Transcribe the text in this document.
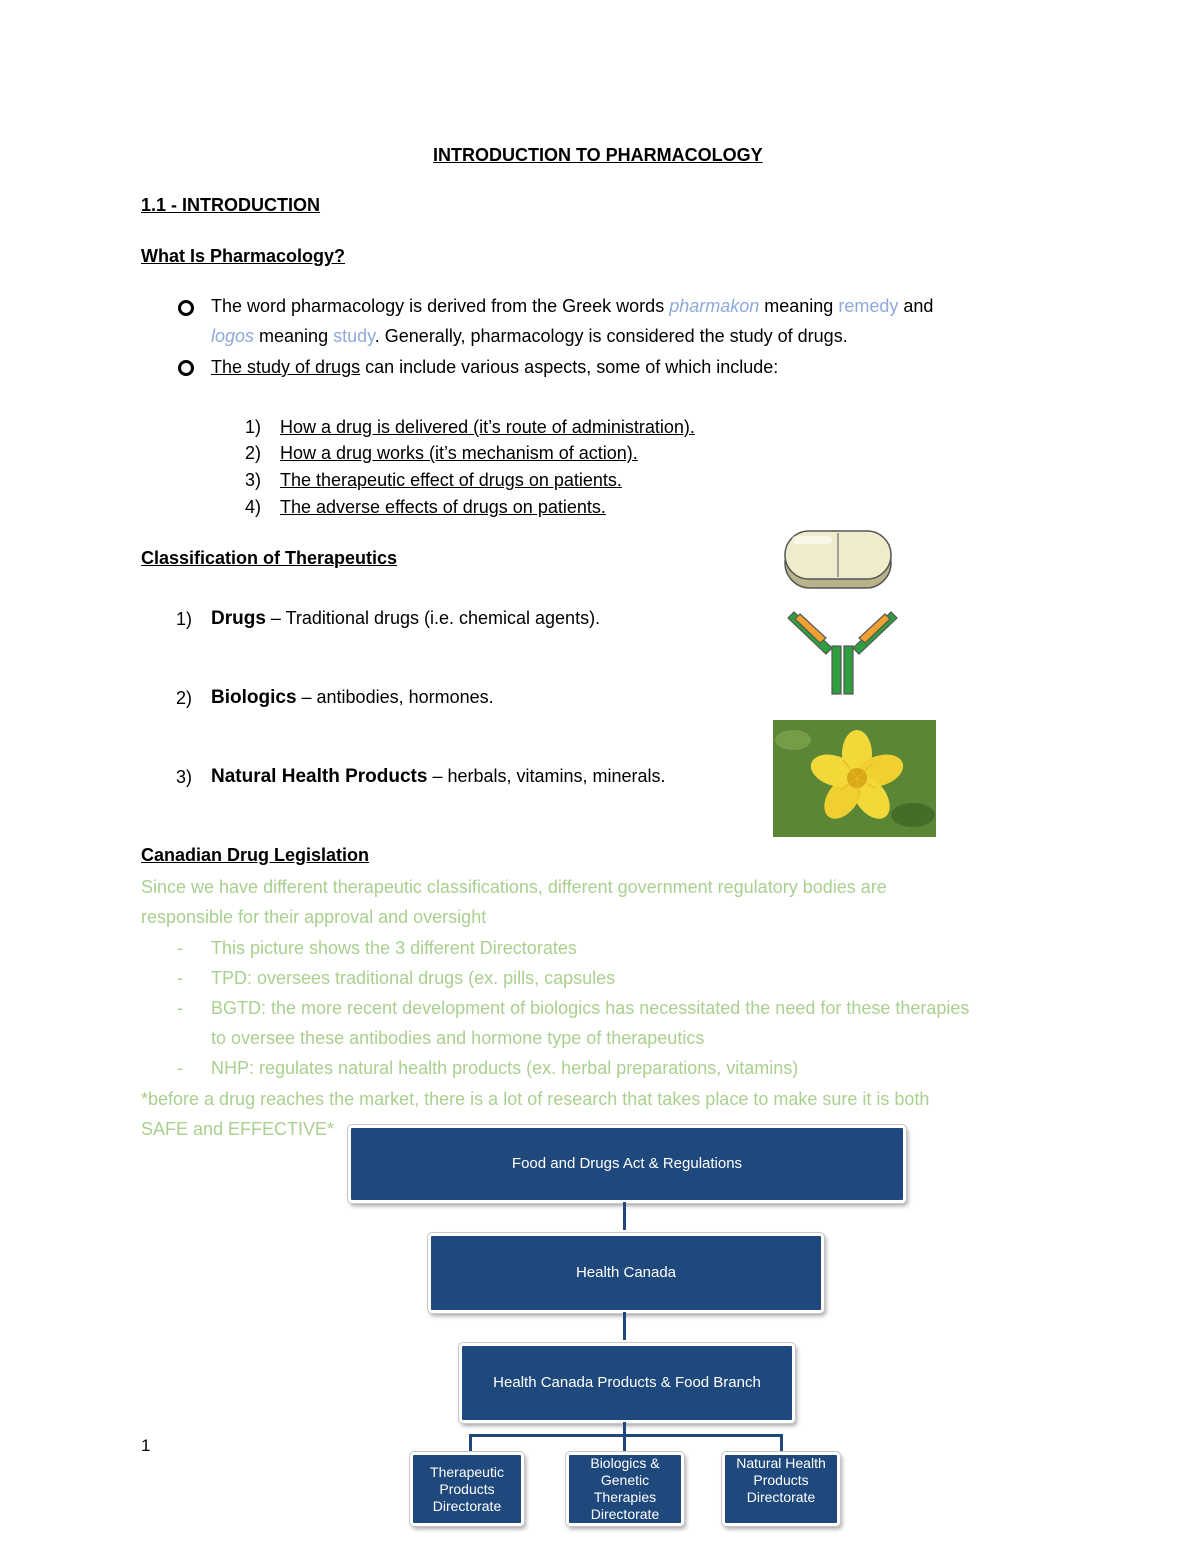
INTRODUCTION TO PHARMACOLOGY
1.1 - INTRODUCTION
What Is Pharmacology?
The word pharmacology is derived from the Greek words pharmakon meaning remedy and
logos meaning study. Generally, pharmacology is considered the study of drugs.
The study of drugs can include various aspects, some of which include:
1) How a drug is delivered (it’s route of administration).
2) How a drug works (it’s mechanism of action).
3) The therapeutic effect of drugs on patients.
4) The adverse effects of drugs on patients.
Classification of Therapeutics
1) Drugs – Traditional drugs (i.e. chemical agents).
2) Biologics – antibodies, hormones.
3) Natural Health Products – herbals, vitamins, minerals.
Canadian Drug Legislation
Since we have different therapeutic classifications, different government regulatory bodies are
responsible for their approval and oversight
- This picture shows the 3 different Directorates
- TPD: oversees traditional drugs (ex. pills, capsules
- BGTD: the more recent development of biologics has necessitated the need for these therapies
to oversee these antibodies and hormone type of therapeutics
- NHP: regulates natural health products (ex. herbal preparations, vitamins)
*before a drug reaches the market, there is a lot of research that takes place to make sure it is both
SAFE and EFFECTIVE*
Food and Drugs Act & Regulations
Health Canada
Health Canada Products & Food Branch
Therapeutic Products Directorate
Biologics & Genetic Therapies Directorate
Natural Health Products Directorate
1
